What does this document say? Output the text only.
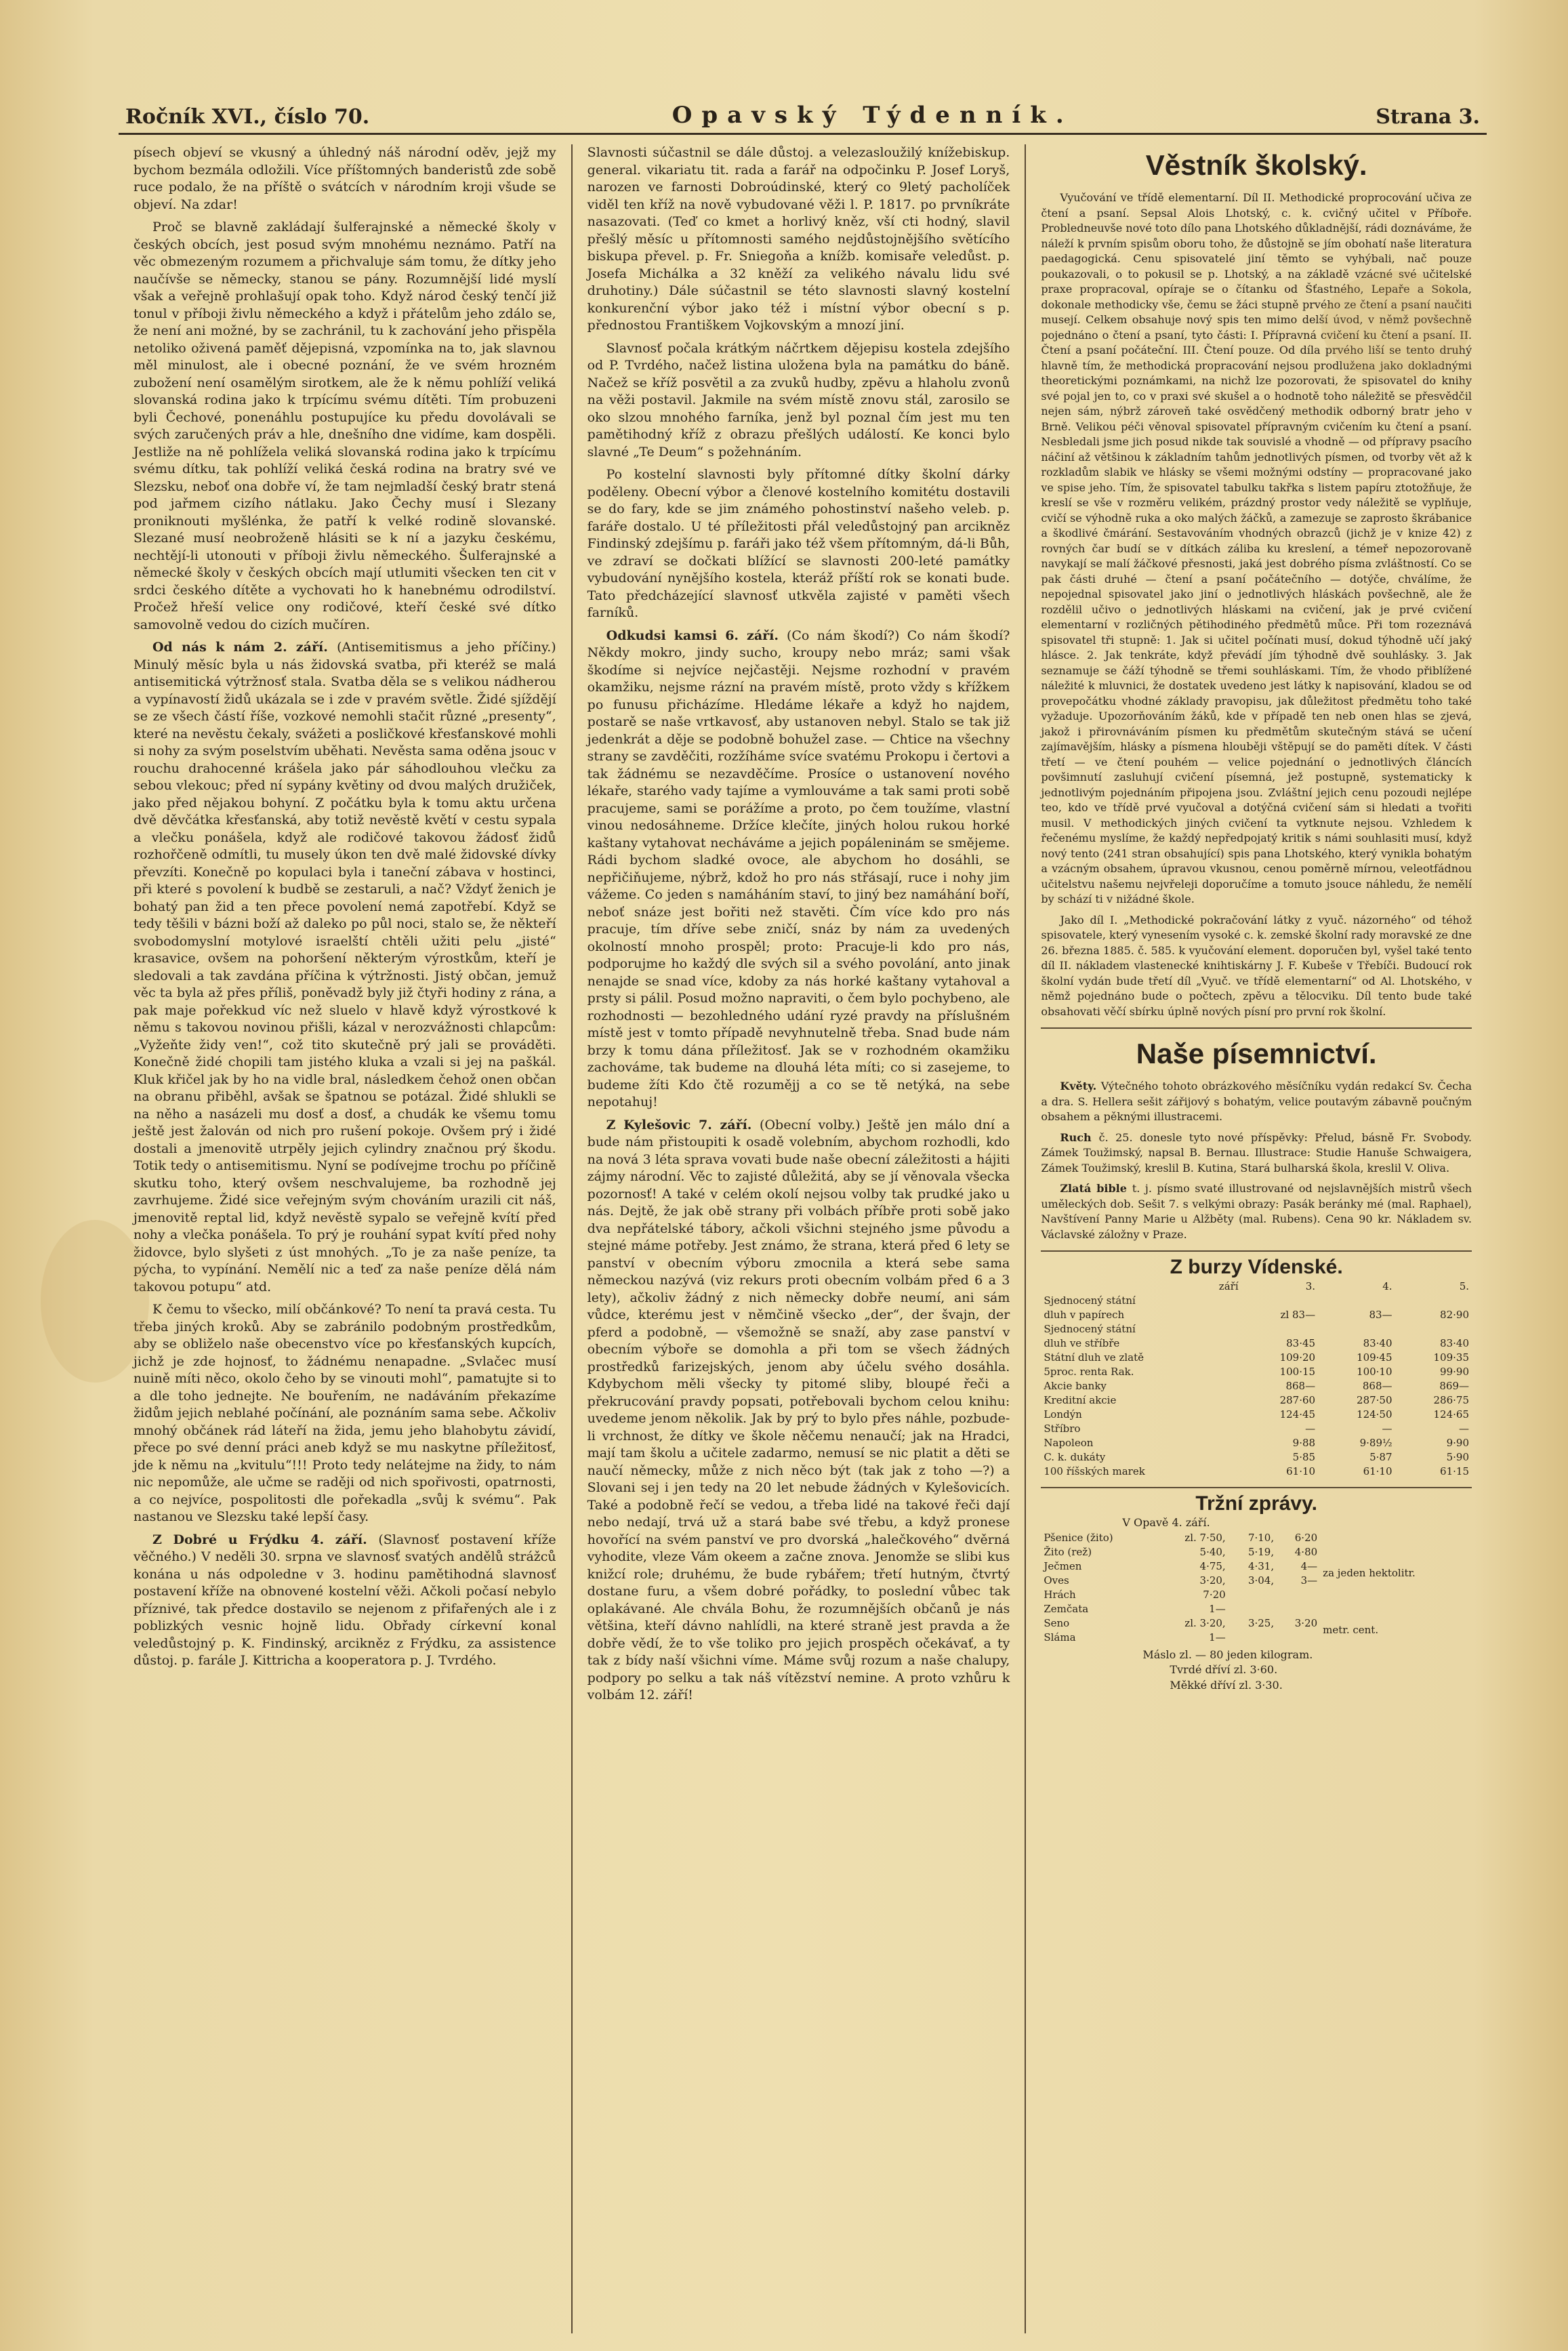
Ročník XVI., číslo 70.	Opavský Týdenník.	Strana 3.

písech objeví se vkusný a úhledný náš národní oděv, jejž my bychom bezmála odložili. Více příštomných banderistů zde sobě ruce podalo, že na příště o svátcích v národním kroji všude se objeví. Na zdar!

Proč se blavně zakládají šulferajnské a německé školy v českých obcích, jest posud svým mnohému neznámo. Patří na věc obmezeným rozumem a přichvaluje sám tomu, že dítky jeho naučívše se německy, stanou se pány. Rozumnější lidé myslí však a veřejně prohlašují opak toho. Když národ český tenčí již tonul v příboji živlu německého a když i přátelům jeho zdálo se, že není ani možné, by se zachránil, tu k zachování jeho přispěla netoliko oživená paměť dějepisná, vzpomínka na to, jak slavnou měl minulost, ale i obecné poznání, že ve svém hrozném zubožení není osamělým sirotkem, ale že k němu pohlíží veliká slovanská rodina jako k trpícímu svému dítěti. Tím probuzeni byli Čechové, ponenáhlu postupujíce ku předu dovolávali se svých zaručených práv a hle, dnešního dne vidíme, kam dospěli. Jestliže na ně pohlížela veliká slovanská rodina jako k trpícímu svému dítku, tak pohlíží veliká česká rodina na bratry své ve Slezsku, neboť ona dobře ví, že tam nejmladší český bratr stená pod jařmem cizího nátlaku. Jako Čechy musí i Slezany proniknouti myšlénka, že patří k velké rodině slovanské. Slezané musí neobroženě hlásiti se k ní a jazyku českému, nechtějí-li utonouti v příboji živlu německého. Šulferajnské a německé školy v českých obcích mají utlumiti všecken ten cit v srdci českého dítěte a vychovati ho k hanebnému odrodilství. Pročež hřeší velice ony rodičové, kteří české své dítko samovolně vedou do cizích mučíren.

Od nás k nám 2. září. (Antisemitismus a jeho příčiny.) Minulý měsíc byla u nás židovská svatba, při kteréž se malá antisemitická výtržnosť stala. Svatba děla se s velikou nádherou a vypínavostí židů ukázala se i zde v pravém světle. Židé sjíždějí se ze všech částí říše, vozkové nemohli stačit různé „presenty“, které na nevěstu čekaly, svážeti a posličkové křesťanskové mohli si nohy za svým poselstvím uběhati. Nevěsta sama oděna jsouc v rouchu drahocenné krášela jako pár sáhodlouhou vlečku za sebou vlekouc; před ní sypány květiny od dvou malých družiček, jako před nějakou bohyní. Z počátku byla k tomu aktu určena dvě děvčátka křesťanská, aby totiž nevěstě květí v cestu sypala a vlečku ponášela, když ale rodičové takovou žádosť židů rozhořčeně odmítli, tu musely úkon ten dvě malé židovské dívky převzíti. Konečně po kopulaci byla i taneční zábava v hostinci, při které s povolení k budbě se zestaruli, a nač? Vždyť ženich je bohatý pan žid a ten přece povolení nemá zapotřebí. Když se tedy těšili v bázni boží až daleko po půl noci, stalo se, že někteří svobodomyslní motylové israelští chtěli užiti pelu „jisté“ krasavice, ovšem na pohoršení některým výrostkům, kteří je sledovali a tak zavdána příčina k výtržnosti. Jistý občan, jemuž věc ta byla až přes příliš, poněvadž byly již čtyři hodiny z rána, a pak maje pořekkud víc než sluelo v hlavě když výrostkové k němu s takovou novinou přišli, kázal v nerozvážnosti chlapcům: „Vyžeňte židy ven!“, což tito skutečně prý jali se prováděti. Konečně židé chopili tam jistého kluka a vzali si jej na paškál. Kluk křičel jak by ho na vidle bral, následkem čehož onen občan na obranu přiběhl, avšak se špatnou se potázal. Židé shlukli se na něho a nasázeli mu dosť a dosť, a chudák ke všemu tomu ještě jest žalován od nich pro rušení pokoje. Ovšem prý i židé dostali a jmenovitě utrpěly jejich cylindry značnou prý škodu. Totik tedy o antisemitismu. Nyní se podívejme trochu po příčině skutku toho, který ovšem neschvalujeme, ba rozhodně jej zavrhujeme. Židé sice veřejným svým chováním urazili cit náš, jmenovitě reptal lid, když nevěstě sypalo se veřejně kvítí před nohy a vlečka ponášela. To prý je rouhání sypat kvítí před nohy židovce, bylo slyšeti z úst mnohých. „To je za naše peníze, ta pýcha, to vypínání. Nemělí nic a teď za naše peníze dělá nám takovou potupu“ atd.

K čemu to všecko, milí občánkové? To není ta pravá cesta. Tu třeba jiných kroků. Aby se zabránilo podobným prostředkům, aby se obliželo naše obecenstvo více po křesťanských kupcích, jichž je zde hojnosť, to žádnému nenapadne. „Svlačec musí nuině míti něco, okolo čeho by se vinouti mohl“, pamatujte si to a dle toho jednejte. Ne bouřením, ne nadáváním překazíme židům jejich neblahé počínání, ale poznáním sama sebe. Ačkoliv mnohý občánek rád láteří na žida, jemu jeho blahobytu závidí, přece po své denní práci aneb když se mu naskytne příležitosť, jde k němu na „kvitulu“!!! Proto tedy nelátejme na židy, to nám nic nepomůže, ale učme se raději od nich spořivosti, opatrnosti, a co nejvíce, pospolitosti dle pořekadla „svůj k svému“. Pak nastanou ve Slezsku také lepší časy.

Z Dobré u Frýdku 4. září. (Slavnosť postavení kříže věčného.) V neděli 30. srpna ve slavnosť svatých andělů strážců konána u nás odpoledne v 3. hodinu pamětihodná slavnosť postavení kříže na obnovené kostelní věži. Ačkoli počasí nebylo příznivé, tak předce dostavilo se nejenom z přifařených ale i z poblizkých vesnic hojně lidu. Obřady církevní konal veledůstojný p. K. Findinský, arcikněz z Frýdku, za assistence důstoj. p. farále J. Kittricha a kooperatora p. J. Tvrdého.

Slavnosti súčastnil se dále důstoj. a velezasloužilý knížebiskup. general. vikariatu tit. rada a farář na odpočinku P. Josef Loryš, narozen ve farnosti Dobroúdinské, který co 9letý pacholíček viděl ten kříž na nově vybudované věži l. P. 1817. po prvníkráte nasazovati. (Teď co kmet a horlivý kněz, vší cti hodný, slavil přešlý měsíc u přítomnosti samého nejdůstojnějšího světícího biskupa převel. p. Fr. Sniegoňa a knížb. komisaře veledůst. p. Josefa Michálka a 32 kněží za velikého návalu lidu své druhotiny.) Dále súčastnil se této slavnosti slavný kostelní konkurenční výbor jako též i místní výbor obecní s p. přednostou Františkem Vojkovským a mnozí jiní.

Slavnosť počala krátkým náčrtkem dějepisu kostela zdejšího od P. Tvrdého, načež listina uložena byla na památku do báně. Načež se kříž posvětil a za zvuků hudby, zpěvu a hlaholu zvonů na věži postavil. Jakmile na svém místě znovu stál, zarosilo se oko slzou mnohého farníka, jenž byl poznal čím jest mu ten pamětihodný kříž z obrazu přešlých událostí. Ke konci bylo slavné „Te Deum“ s požehnáním.

Po kostelní slavnosti byly přítomné dítky školní dárky poděleny. Obecní výbor a členové kostelního komitétu dostavili se do fary, kde se jim známého pohostinství našeho veleb. p. faráře dostalo. U té příležitosti přál veledůstojný pan arcikněz Findinský zdejšímu p. faráři jako též všem přítomným, dá-li Bůh, ve zdraví se dočkati blížící se slavnosti 200-leté památky vybudování nynějšího kostela, kteráž příští rok se konati bude. Tato předcházející slavnosť utkvěla zajisté v paměti všech farníků.

Odkudsi kamsi 6. září. (Co nám škodí?) Co nám škodí? Někdy mokro, jindy sucho, kroupy nebo mráz; sami však škodíme si nejvíce nejčastěji. Nejsme rozhodní v pravém okamžiku, nejsme rázní na pravém místě, proto vždy s křížkem po funusu přicházíme. Hledáme lékaře a když ho najdem, postarě se naše vrtkavosť, aby ustanoven nebyl. Stalo se tak již jedenkrát a děje se podobně bohužel zase. — Chtice na všechny strany se zavděčiti, rozžíháme svíce svatému Prokopu i čertovi a tak žádnému se nezavděčíme. Prosíce o ustanovení nového lékaře, starého vady tajíme a vymlouváme a tak sami proti sobě pracujeme, sami se porážíme a proto, po čem toužíme, vlastní vinou nedosáhneme. Držíce klečíte, jiných holou rukou horké kaštany vytahovat necháváme a jejich popáleninám se smějeme. Rádi bychom sladké ovoce, ale abychom ho dosáhli, se nepřičiňujeme, nýbrž, kdož ho pro nás střásají, ruce i nohy jim vážeme. Co jeden s namáháním staví, to jiný bez namáhání boří, neboť snáze jest bořiti než stavěti. Čím více kdo pro nás pracuje, tím dříve sebe zničí, snáz by nám za uvedených okolností mnoho prospěl; proto: Pracuje-li kdo pro nás, podporujme ho každý dle svých sil a svého povolání, anto jinak nenajde se snad více, kdoby za nás horké kaštany vytahoval a prsty si pálil. Posud možno napraviti, o čem bylo pochybeno, ale rozhodnosti — bezohledného udání ryzé pravdy na příslušném místě jest v tomto případě nevyhnutelně třeba. Snad bude nám brzy k tomu dána příležitosť. Jak se v rozhodném okamžiku zachováme, tak budeme na dlouhá léta míti; co si zasejeme, to budeme žíti Kdo čtě rozumějj a co se tě netýká, na sebe nepotahuj!

Z Kylešovic 7. září. (Obecní volby.) Ještě jen málo dní a bude nám přistoupiti k osadě volebním, abychom rozhodli, kdo na nová 3 léta sprava vovati bude naše obecní záležitosti a hájiti zájmy národní. Věc to zajisté důležitá, aby se jí věnovala všecka pozornosť! A také v celém okolí nejsou volby tak prudké jako u nás. Dejtě, že jak obě strany při volbách příbře proti sobě jako dva nepřátelské tábory, ačkoli všichni stejného jsme původu a stejné máme potřeby. Jest známo, že strana, která před 6 lety se panství v obecním výboru zmocnila a která sebe sama německou nazývá (viz rekurs proti obecním volbám před 6 a 3 lety), ačkoliv žádný z nich německy dobře neumí, ani sám vůdce, kterému jest v němčině všecko „der“, der švajn, der pferd a podobně, — všemožně se snaží, aby zase panství v obecním výboře se domohla a při tom se všech žádných prostředků farizejských, jenom aby účelu svého dosáhla. Kdybychom měli všecky ty pitomé sliby, bloupé řeči a překrucování pravdy popsati, potřebovali bychom celou knihu: uvedeme jenom několik. Jak by prý to bylo přes náhle, pozbude-li vrchnost, že dítky ve škole něčemu nenaučí; jak na Hradci, mají tam školu a učitele zadarmo, nemusí se nic platit a děti se naučí německy, může z nich něco být (tak jak z toho —?) a Slovani sej i jen tedy na 20 let nebude žádných v Kylešovicích. Také a podobně řečí se vedou, a třeba lidé na takové řeči dají nebo nedají, trvá už a stará babe své třebu, a když pronese hovořící na svém panství ve pro dvorská „halečkového“ dvěrná vyhodite, vleze Vám okeem a začne znova. Jenomže se slibi kus knižcí role; druhému, že bude rybářem; třetí hutným, čtvrtý dostane furu, a všem dobré pořádky, to poslední vůbec tak oplakávané. Ale chvála Bohu, že rozumnějších občanů je nás většina, kteří dávno nahlídli, na které straně jest pravda a že dobře vědí, že to vše toliko pro jejich prospěch očekávať, a ty tak z bídy naší všichni víme. Máme svůj rozum a naše chalupy, podpory po selku a tak náš vítězství nemine. A proto vzhůru k volbám 12. září!

Věstník školský.

Vyučování ve třídě elementarní. Díl II. Methodické proprocování učiva ze čtení a psaní. Sepsal Alois Lhotský, c. k. cvičný učitel v Příboře. Probledneuvše nové toto dílo pana Lhotského důkladnější, rádi doznáváme, že náleží k prvním spisům oboru toho, že důstojně se jím obohatí naše literatura paedagogická. Cenu spisovatelé jiní těmto se vyhýbali, nač pouze poukazovali, o to pokusil se p. Lhotský, a na základě vzácné své učitelské praxe propracoval, opíraje se o čítanku od Šťastného, Lepaře a Sokola, dokonale methodicky vše, čemu se žáci stupně prvého ze čtení a psaní naučiti musejí. Celkem obsahuje nový spis ten mimo delší úvod, v němž povšechně pojednáno o čtení a psaní, tyto části: I. Přípravná cvičení ku čtení a psaní. II. Čtení a psaní počáteční. III. Čtení pouze. Od díla prvého liší se tento druhý hlavně tím, že methodická propracování nejsou prodlužena jako dokladnými theoretickými poznámkami, na nichž lze pozorovati, že spisovatel do knihy své pojal jen to, co v praxi své skušel a o hodnotě toho náležitě se přesvědčil nejen sám, nýbrž zároveň také osvědčený methodik odborný bratr jeho v Brně. Velikou péči věnoval spisovatel přípravným cvičením ku čtení a psaní. Nesbledali jsme jich posud nikde tak souvislé a vhodně — od přípravy psacího náčiní až většinou k základním tahům jednotlivých písmen, od tvorby vět až k rozkladům slabik ve hlásky se všemi možnými odstíny — propracované jako ve spise jeho. Tím, že spisovatel tabulku takřka s listem papíru ztotožňuje, že kreslí se vše v rozměru velikém, prázdný prostor vedy náležitě se vyplňuje, cvičí se výhodně ruka a oko malých žáčků, a zamezuje se zaprosto škrábanice a škodlivé čmárání. Sestavováním vhodných obrazců (jichž je v knize 42) z rovných čar budí se v dítkách záliba ku kreslení, a témeř nepozorovaně navykají se malí žáčkové přesnosti, jaká jest dobrého písma zvláštností. Co se pak části druhé — čtení a psaní počátečního — dotýče, chválíme, že nepojednal spisovatel jako jiní o jednotlivých hláskách povšechně, ale že rozdělil učivo o jednotlivých hláskami na cvičení, jak je prvé cvičení elementarní v rozličných pětihodiného předmětů můce. Při tom rozeznává spisovatel tři stupně: 1. Jak si učitel počínati musí, dokud týhodně učí jaký hlásce. 2. Jak tenkráte, když převádí jím týhodně dvě souhlásky. 3. Jak seznamuje se čáží týhodně se třemi souhláskami. Tím, že vhodo přiblížené náležité k mluvnici, že dostatek uvedeno jest látky k napisování, kladou se od provepočátku vhodné základy pravopisu, jak důležitost předmětu toho také vyžaduje. Upozorňováním žáků, kde v případě ten neb onen hlas se zjevá, jakož i přirovnáváním písmen ku předmětům skutečným stává se učení zajímavějším, hlásky a písmena hlouběji vštěpují se do paměti dítek. V části třetí — ve čtení pouhém — velice pojednání o jednotlivých článcích povšimnutí zasluhují cvičení písemná, jež postupně, systematicky k jednotlivým pojednáním připojena jsou. Zvláštní jejich cenu pozoudi nejlépe teo, kdo ve třídě prvé vyučoval a dotýčná cvičení sám si hledati a tvořiti musil. V methodických jiných cvičení ta vytknute nejsou. Vzhledem k řečenému myslíme, že každý nepředpojatý kritik s námi souhlasiti musí, když nový tento (241 stran obsahující) spis pana Lhotského, který vynikla bohatým a vzácným obsahem, úpravou vkusnou, cenou poměrně mírnou, veleotfádnou učitelstvu našemu nejvřeleji doporučíme a tomuto jsouce náhledu, že nemělí by schází ti v nižádné škole.

Jako díl I. „Methodické pokračování látky z vyuč. názorného“ od téhož spisovatele, který vynesením vysoké c. k. zemské školní rady moravské ze dne 26. března 1885. č. 585. k vyučování element. doporučen byl, vyšel také tento díl II. nákladem vlastenecké knihtiskárny J. F. Kubeše v Třebíči. Budoucí rok školní vydán bude třetí díl „Vyuč. ve třídě elementarní“ od Al. Lhotského, v němž pojednáno bude o počtech, zpěvu a tělocviku. Díl tento bude také obsahovati věčí sbírku úplně nových písní pro první rok školní.

Naše písemnictví.

Květy. Výtečného tohoto obrázkového měsíčníku vydán redakcí Sv. Čecha a dra. S. Hellera sešit zářijový s bohatým, velice poutavým zábavně poučným obsahem a pěknými illustracemi.

Ruch č. 25. donesle tyto nové příspěvky: Přelud, básně Fr. Svobody. Zámek Toužimský, napsal B. Bernau. Illustrace: Studie Hanuše Schwaigera, Zámek Toužimský, kreslil B. Kutina, Stará bulharská škola, kreslil V. Oliva.

Zlatá bible t. j. písmo svaté illustrované od nejslavnějších mistrů všech uměleckých dob. Sešit 7. s velkými obrazy: Pasák beránky mé (mal. Raphael), Navštívení Panny Marie u Alžběty (mal. Rubens). Cena 90 kr. Nákladem sv. Václavské záložny v Praze.

Z burzy Vídenské.
září	3.	4.	5.
Sjednocený státní			
dluh v papírech	zl 83—	83—	82·90
Sjednocený státní			
dluh ve stříbře	83·45	83·40	83·40
Státní dluh ve zlatě	109·20	109·45	109·35
5proc. renta Rak.	100·15	100·10	99·90
Akcie banky	868—	868—	869—
Kreditní akcie	287·60	287·50	286·75
Londýn	124·45	124·50	124·65
Stříbro	—	—	—
Napoleon	9·88	9·89½	9·90
C. k. dukáty	5·85	5·87	5·90
100 říšských marek	61·10	61·10	61·15
Tržní zprávy.
V Opavě 4. září.
Pšenice (žito)	zl. 7·50,	7·10,	6·20	
Žito (rež)	5·40,	5·19,	4·80	za jeden hektolitr.
Ječmen	4·75,	4·31,	4—	
Oves	3·20,	3·04,	3—	
Hrách	7·20			
Zemčata	1—			
Seno	zl. 3·20,	3·25,	3·20	metr. cent.
Sláma	1—			
Máslo zl. — 80 jeden kilogram.
Tvrdé dříví zl. 3·60.
Měkké dříví zl. 3·30.
